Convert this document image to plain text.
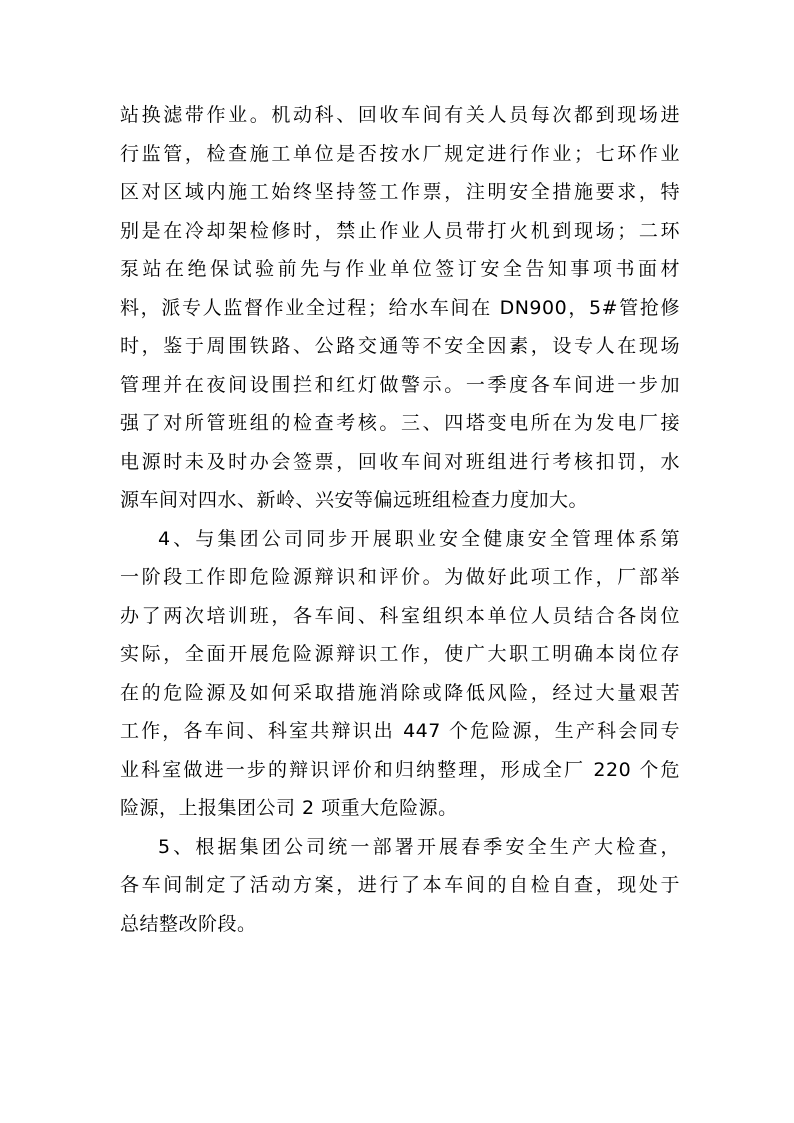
站换滤带作业。机动科、回收车间有关人员每次都到现场进
行监管，检查施工单位是否按水厂规定进行作业；七环作业
区对区域内施工始终坚持签工作票，注明安全措施要求，特
别是在冷却架检修时，禁止作业人员带打火机到现场；二环
泵站在绝保试验前先与作业单位签订安全告知事项书面材
料，派专人监督作业全过程；给水车间在 DN900，5#管抢修
时，鉴于周围铁路、公路交通等不安全因素，设专人在现场
管理并在夜间设围拦和红灯做警示。一季度各车间进一步加
强了对所管班组的检查考核。三、四塔变电所在为发电厂接
电源时未及时办会签票，回收车间对班组进行考核扣罚，水
源车间对四水、新岭、兴安等偏远班组检查力度加大。
4、与集团公司同步开展职业安全健康安全管理体系第
一阶段工作即危险源辩识和评价。为做好此项工作，厂部举
办了两次培训班，各车间、科室组织本单位人员结合各岗位
实际，全面开展危险源辩识工作，使广大职工明确本岗位存
在的危险源及如何采取措施消除或降低风险，经过大量艰苦
工作，各车间、科室共辩识出 447 个危险源，生产科会同专
业科室做进一步的辩识评价和归纳整理，形成全厂 220 个危
险源，上报集团公司 2 项重大危险源。
5、根据集团公司统一部署开展春季安全生产大检查，
各车间制定了活动方案，进行了本车间的自检自查，现处于
总结整改阶段。
